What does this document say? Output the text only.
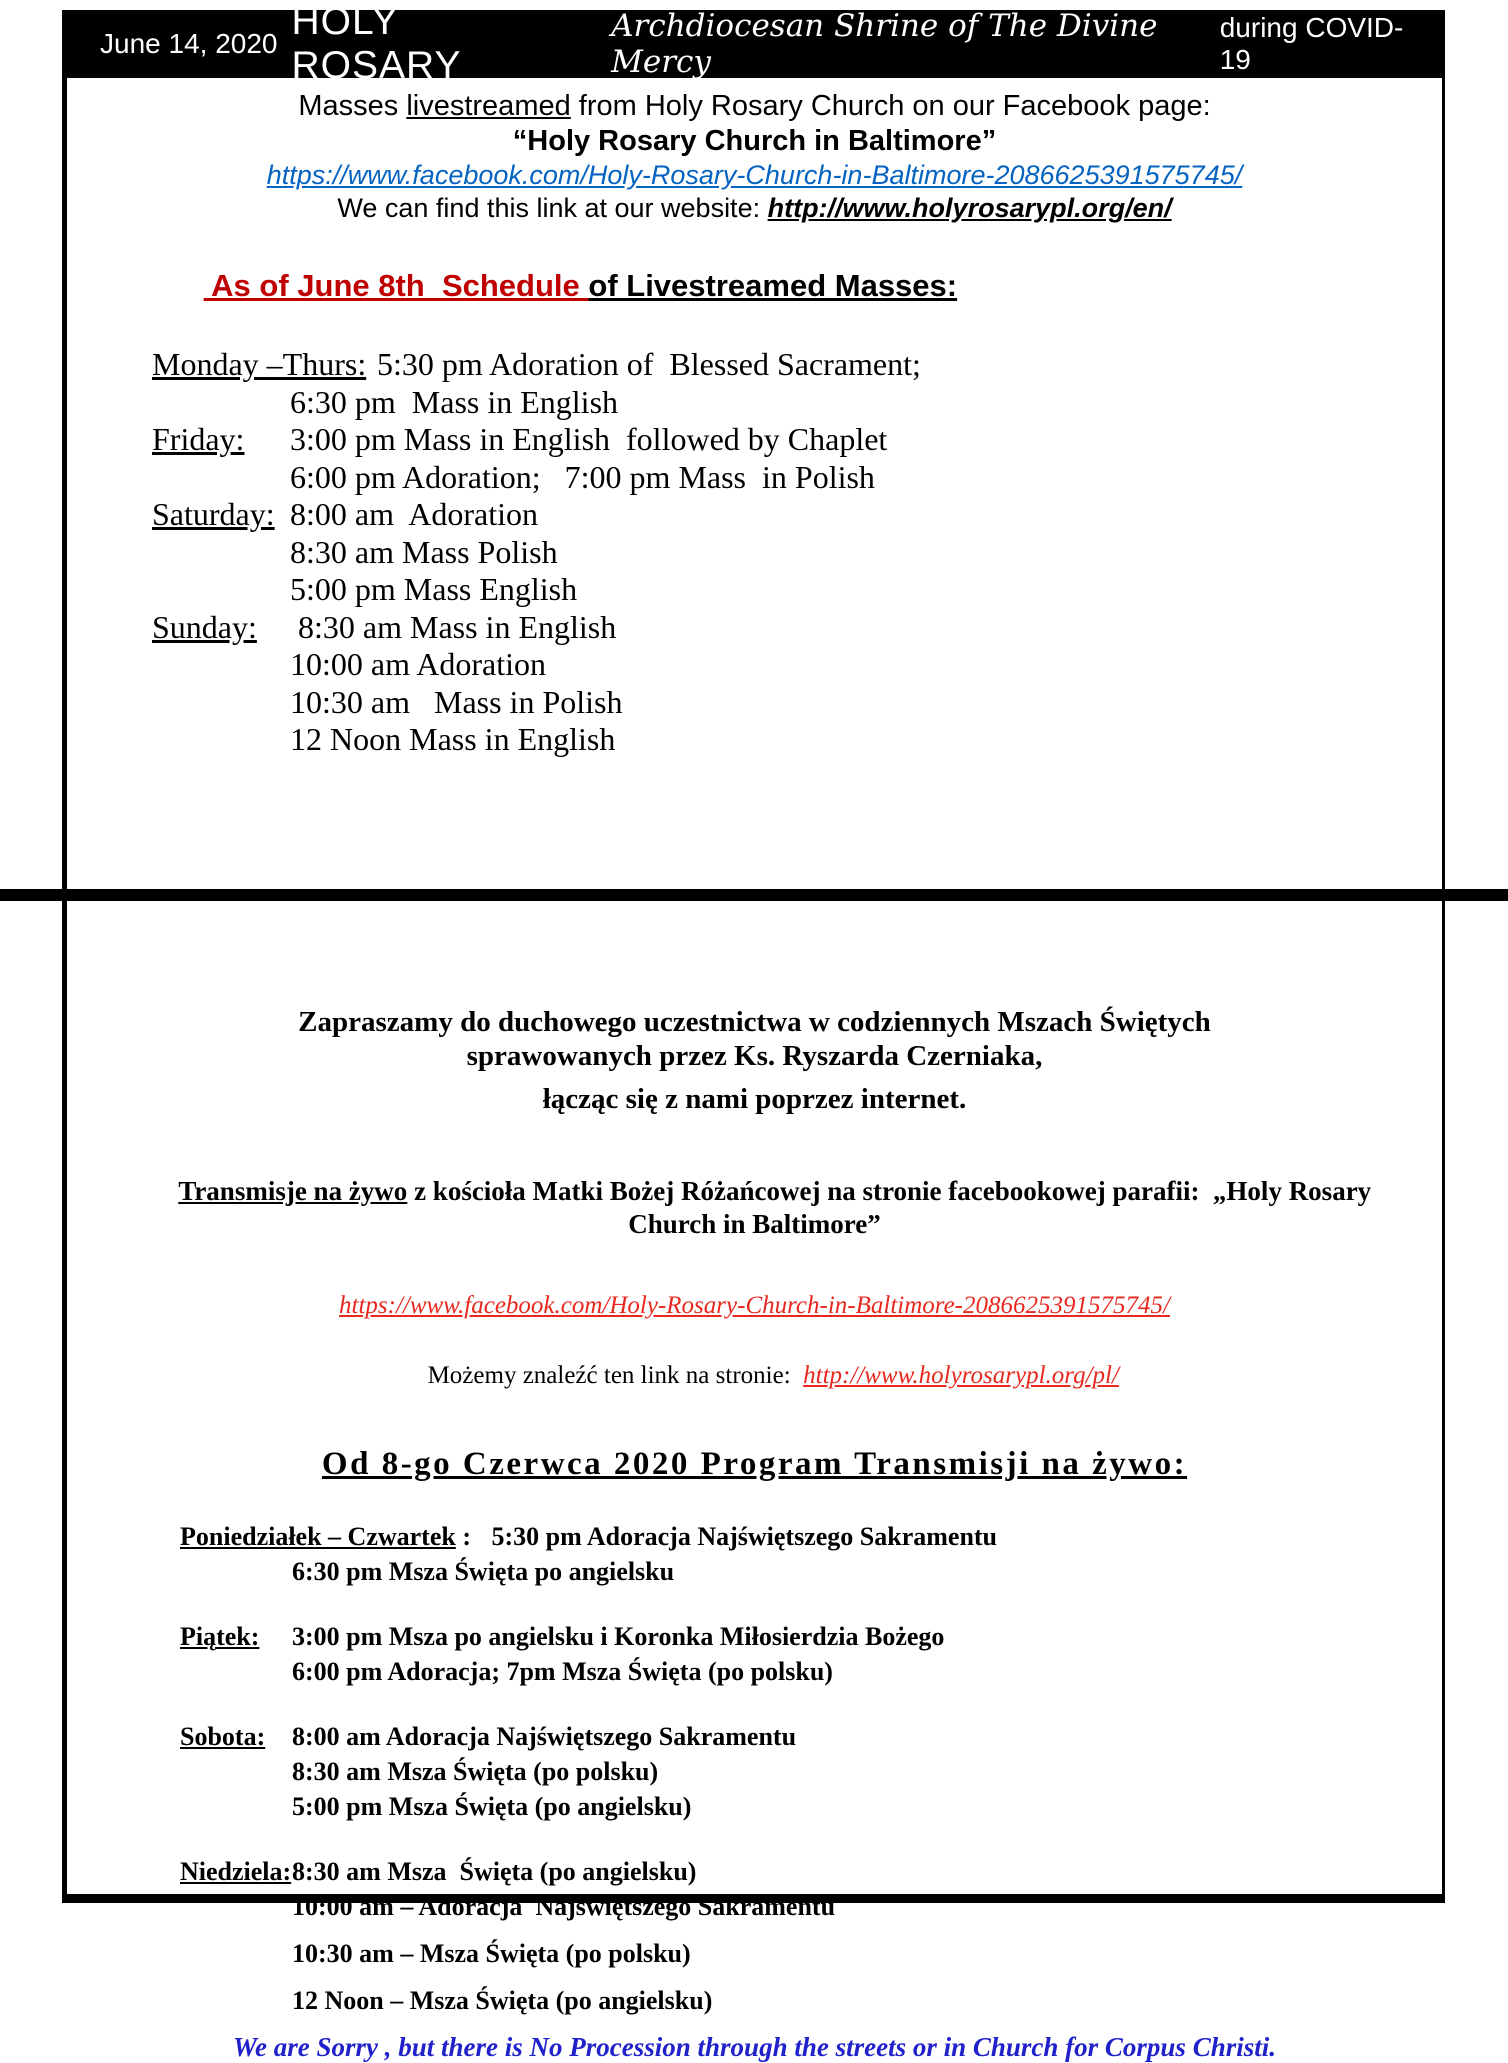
June 14, 2020
HOLY ROSARY
Archdiocesan Shrine of The Divine Mercy
during COVID-19
Masses livestreamed from Holy Rosary Church on our Facebook page:
“Holy Rosary Church in Baltimore”
https://www.facebook.com/Holy-Rosary-Church-in-Baltimore-2086625391575745/
We can find this link at our website: http://www.holyrosarypl.org/en/

As of June 8th  Schedule of Livestreamed Masses:

Monday –Thurs: 5:30 pm Adoration of  Blessed Sacrament;
6:30 pm  Mass in English
Friday:	3:00 pm Mass in English  followed by Chaplet
6:00 pm Adoration;   7:00 pm Mass  in Polish
Saturday: 8:00 am  Adoration
8:30 am Mass Polish
5:00 pm Mass English
Sunday:	8:30 am Mass in English
10:00 am Adoration
10:30 am   Mass in Polish
12 Noon Mass in English
Zapraszamy do duchowego uczestnictwa w codziennych Mszach Świętych
sprawowanych przez Ks. Ryszarda Czerniaka,
łącząc się z nami poprzez internet.

Transmisje na żywo z kościoła Matki Bożej Różańcowej na stronie facebookowej parafii:  „Holy Rosary Church in Baltimore”

https://www.facebook.com/Holy-Rosary-Church-in-Baltimore-2086625391575745/

Możemy znaleźć ten link na stronie:  http://www.holyrosarypl.org/pl/

Od 8-go Czerwca 2020 Program Transmisji na żywo:
Poniedziałek – Czwartek : 5:30 pm Adoracja Najświętszego Sakramentu
6:30 pm Msza Święta po angielsku
Piątek:	3:00 pm Msza po angielsku i Koronka Miłosierdzia Bożego
6:00 pm Adoracja; 7pm Msza Święta (po polsku)
Sobota:	8:00 am Adoracja Najświętszego Sakramentu
8:30 am Msza Święta (po polsku)
5:00 pm Msza Święta (po angielsku)
Niedziela: 8:30 am Msza  Święta (po angielsku)
10:00 am – Adoracja  Najświętszego Sakramentu
10:30 am – Msza Święta (po polsku)
12 Noon – Msza Święta (po angielsku)
We are Sorry , but there is No Procession through the streets or in Church for Corpus Christi.
